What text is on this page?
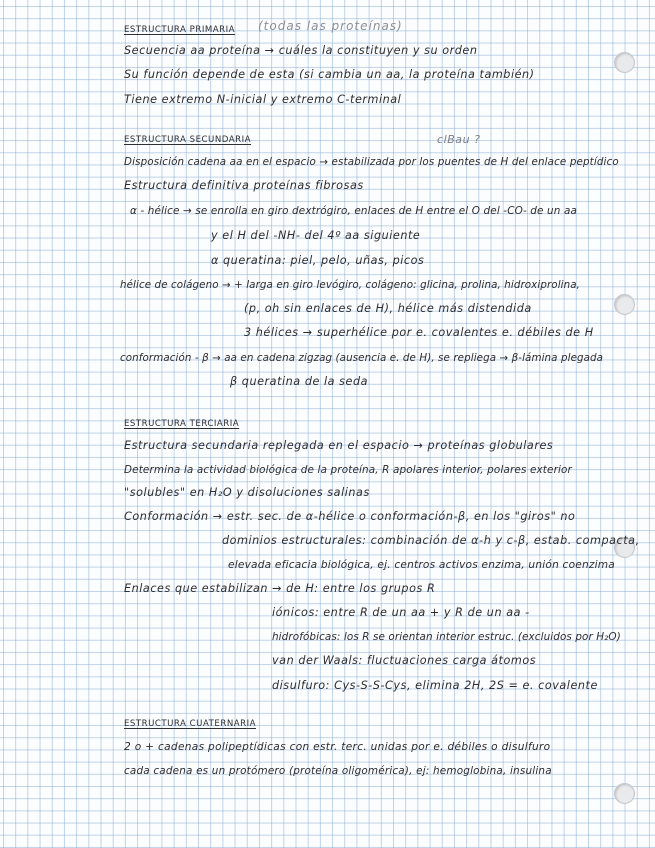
ESTRUCTURA PRIMARIA (todas las proteínas)
Secuencia aa proteína → cuáles la constituyen y su orden
Su función depende de esta (si cambia un aa, la proteína también)
Tiene extremo N-inicial y extremo C-terminal
ESTRUCTURA SECUNDARIA	clBau ?
Disposición cadena aa en el espacio → estabilizada por los puentes de H del enlace peptídico
Estructura definitiva proteínas fibrosas
α - hélice → se enrolla en giro dextrógiro, enlaces de H entre el O del -CO- de un aa
y el H del -NH- del 4º aa siguiente
α queratina: piel, pelo, uñas, picos
hélice de colágeno → + larga en giro levógiro, colágeno: glicina, prolina, hidroxiprolina,
(p, oh sin enlaces de H), hélice más distendida
3 hélices → superhélice por e. covalentes e. débiles de H
conformación - β → aa en cadena zigzag (ausencia e. de H), se repliega → β-lámina plegada
β queratina de la seda
ESTRUCTURA TERCIARIA
Estructura secundaria replegada en el espacio → proteínas globulares
Determina la actividad biológica de la proteína, R apolares interior, polares exterior
"solubles" en H₂O y disoluciones salinas
Conformación → estr. sec. de α-hélice o conformación-β, en los "giros" no
dominios estructurales: combinación de α-h y c-β, estab. compacta,
elevada eficacia biológica, ej. centros activos enzima, unión coenzima
Enlaces que estabilizan → de H: entre los grupos R
iónicos: entre R de un aa + y R de un aa -
hidrofóbicas: los R se orientan interior estruc. (excluidos por H₂O)
van der Waals: fluctuaciones carga átomos
disulfuro: Cys-S-S-Cys, elimina 2H, 2S = e. covalente
ESTRUCTURA CUATERNARIA
2 o + cadenas polipeptídicas con estr. terc. unidas por e. débiles o disulfuro
cada cadena es un protómero (proteína oligomérica), ej: hemoglobina, insulina
